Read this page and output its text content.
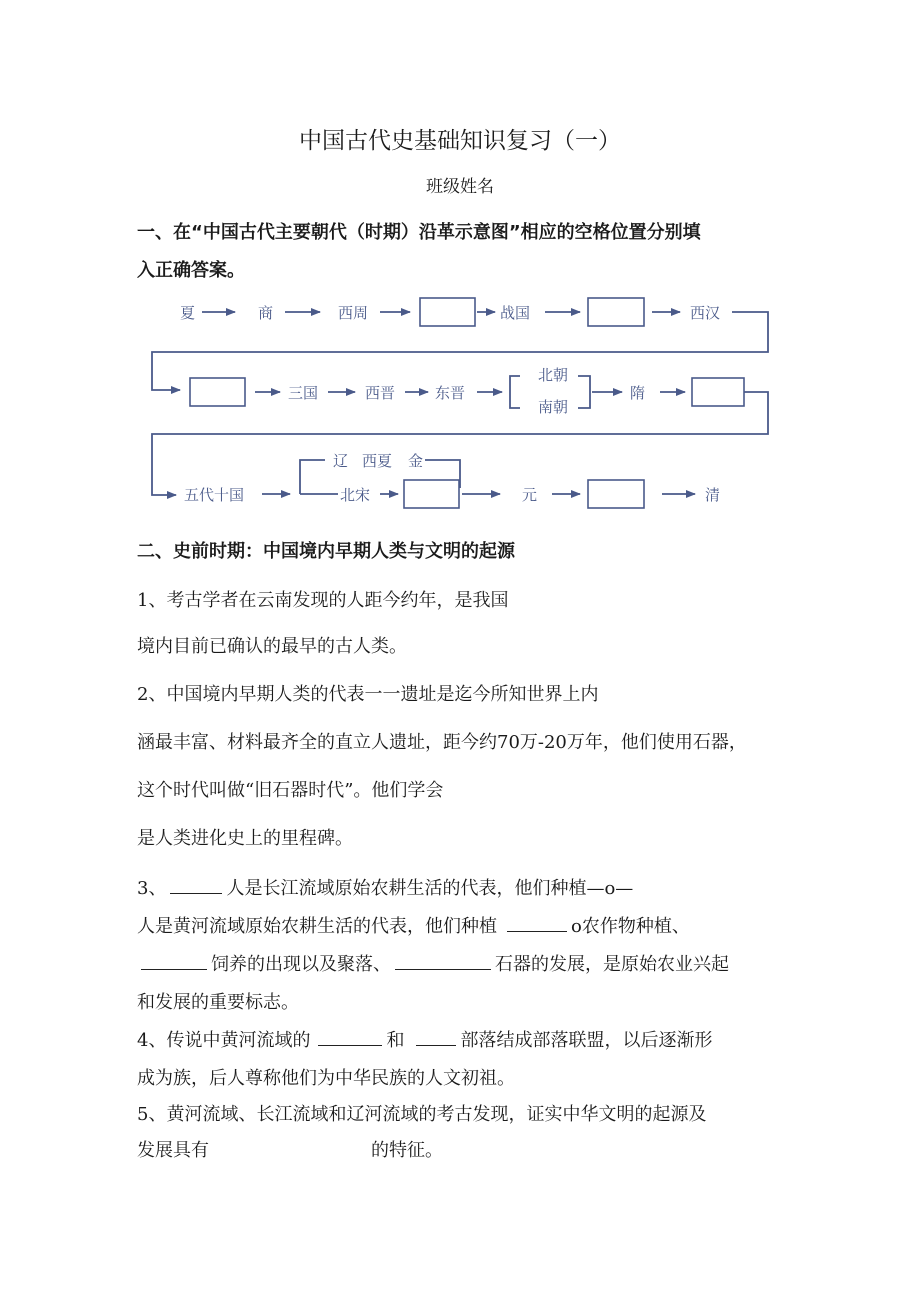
中国古代史基础知识复习（一）
班级姓名
一、在“中国古代主要朝代（时期）沿革示意图”相应的空格位置分别填
入正确答案。
夏	商	西周	战国	西汉
三国	西晋	东晋
北朝
南朝
隋
辽 西夏 金
五代十国	北宋	元	清
二、史前时期：中国境内早期人类与文明的起源
1、考古学者在云南发现的人距今约年，是我国
境内目前已确认的最早的古人类。
2、中国境内早期人类的代表一一遗址是迄今所知世界上内
涵最丰富、材料最齐全的直立人遗址，距今约70万-20万年，他们使用石器，
这个时代叫做“旧石器时代”。他们学会
是人类进化史上的里程碑。
3、	人是长江流域原始农耕生活的代表，他们种植—o—
人是黄河流域原始农耕生活的代表，他们种植	o农作物种植、
饲养的出现以及聚落、	石器的发展，是原始农业兴起
和发展的重要标志。
4、传说中黄河流域的	和	部落结成部落联盟，以后逐渐形
成为族，后人尊称他们为中华民族的人文初祖。
5、黄河流域、长江流域和辽河流域的考古发现，证实中华文明的起源及
发展具有	的特征。
